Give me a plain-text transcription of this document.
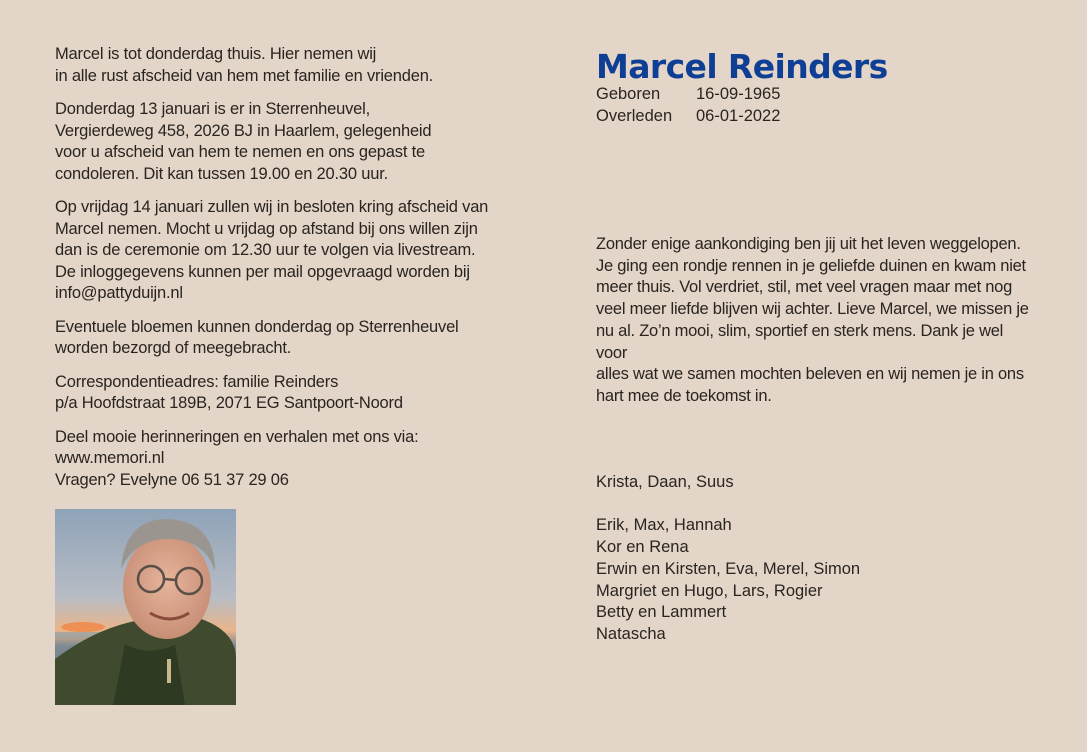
Marcel is tot donderdag thuis. Hier nemen wij
in alle rust afscheid van hem met familie en vrienden.

Donderdag 13 januari is er in Sterrenheuvel,
Vergierdeweg 458, 2026 BJ in Haarlem, gelegenheid
voor u afscheid van hem te nemen en ons gepast te
condoleren. Dit kan tussen 19.00 en 20.30 uur.

Op vrijdag 14 januari zullen wij in besloten kring afscheid van
Marcel nemen. Mocht u vrijdag op afstand bij ons willen zijn
dan is de ceremonie om 12.30 uur te volgen via livestream.
De inloggegevens kunnen per mail opgevraagd worden bij
info@pattyduijn.nl

Eventuele bloemen kunnen donderdag op Sterrenheuvel
worden bezorgd of meegebracht.

Correspondentieadres: familie Reinders
p/a Hoofdstraat 189B, 2071 EG Santpoort-Noord

Deel mooie herinneringen en verhalen met ons via:
www.memori.nl
Vragen? Evelyne 06 51 37 29 06

Marcel Reinders
Geboren	16-09-1965
Overleden	06-01-2022
Zonder enige aankondiging ben jij uit het leven weggelopen.
Je ging een rondje rennen in je geliefde duinen en kwam niet
meer thuis. Vol verdriet, stil, met veel vragen maar met nog
veel meer liefde blijven wij achter. Lieve Marcel, we missen je
nu al. Zo’n mooi, slim, sportief en sterk mens. Dank je wel voor
alles wat we samen mochten beleven en wij nemen je in ons
hart mee de toekomst in.
Krista, Daan, Suus
Erik, Max, Hannah
Kor en Rena
Erwin en Kirsten, Eva, Merel, Simon
Margriet en Hugo, Lars, Rogier
Betty en Lammert
Natascha
